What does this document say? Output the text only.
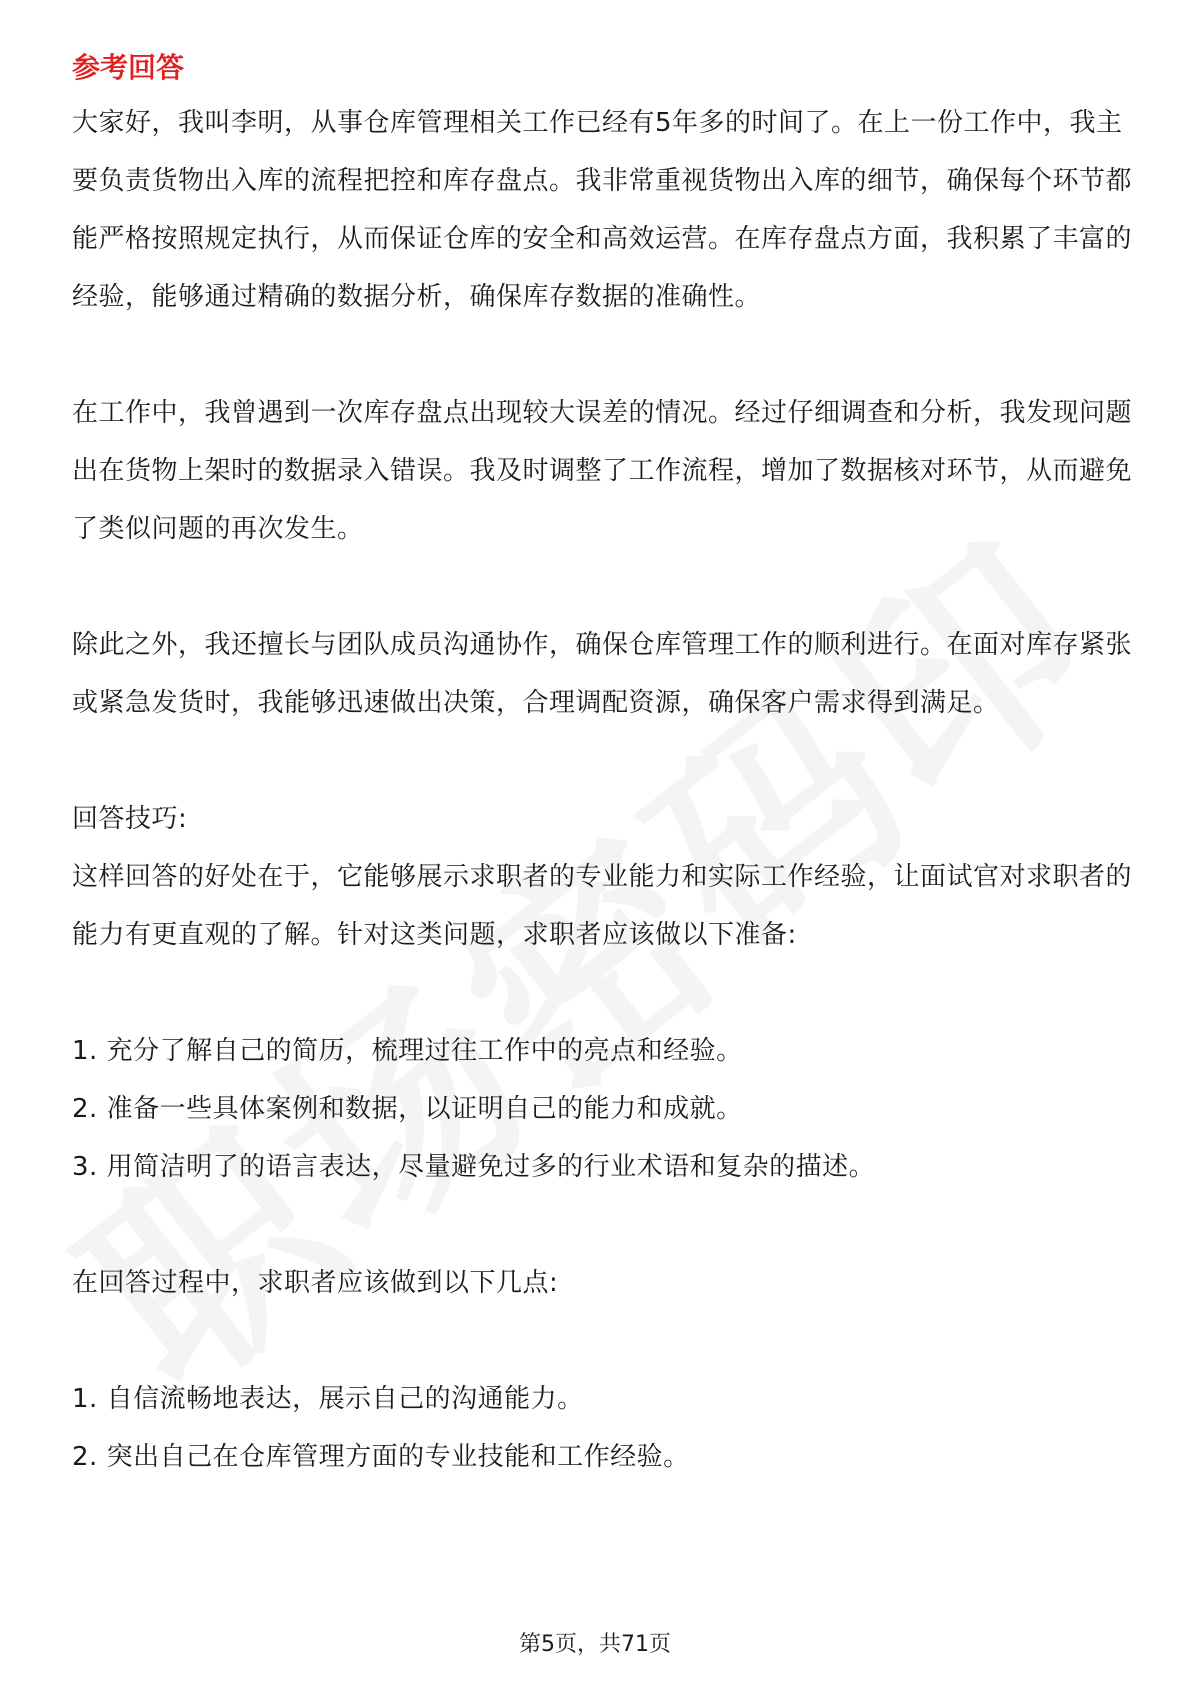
参考回答

大家好，我叫李明，从事仓库管理相关工作已经有5年多的时间了。在上一份工作中，我主要负责货物出入库的流程把控和库存盘点。我非常重视货物出入库的细节，确保每个环节都能严格按照规定执行，从而保证仓库的安全和高效运营。在库存盘点方面，我积累了丰富的经验，能够通过精确的数据分析，确保库存数据的准确性。

在工作中，我曾遇到一次库存盘点出现较大误差的情况。经过仔细调查和分析，我发现问题出在货物上架时的数据录入错误。我及时调整了工作流程，增加了数据核对环节，从而避免了类似问题的再次发生。

除此之外，我还擅长与团队成员沟通协作，确保仓库管理工作的顺利进行。在面对库存紧张或紧急发货时，我能够迅速做出决策，合理调配资源，确保客户需求得到满足。

回答技巧:

这样回答的好处在于，它能够展示求职者的专业能力和实际工作经验，让面试官对求职者的能力有更直观的了解。针对这类问题，求职者应该做以下准备:

1. 充分了解自己的简历，梳理过往工作中的亮点和经验。

2. 准备一些具体案例和数据，以证明自己的能力和成就。

3. 用简洁明了的语言表达，尽量避免过多的行业术语和复杂的描述。

在回答过程中，求职者应该做到以下几点:

1. 自信流畅地表达，展示自己的沟通能力。

2. 突出自己在仓库管理方面的专业技能和工作经验。

第5页，共71页
